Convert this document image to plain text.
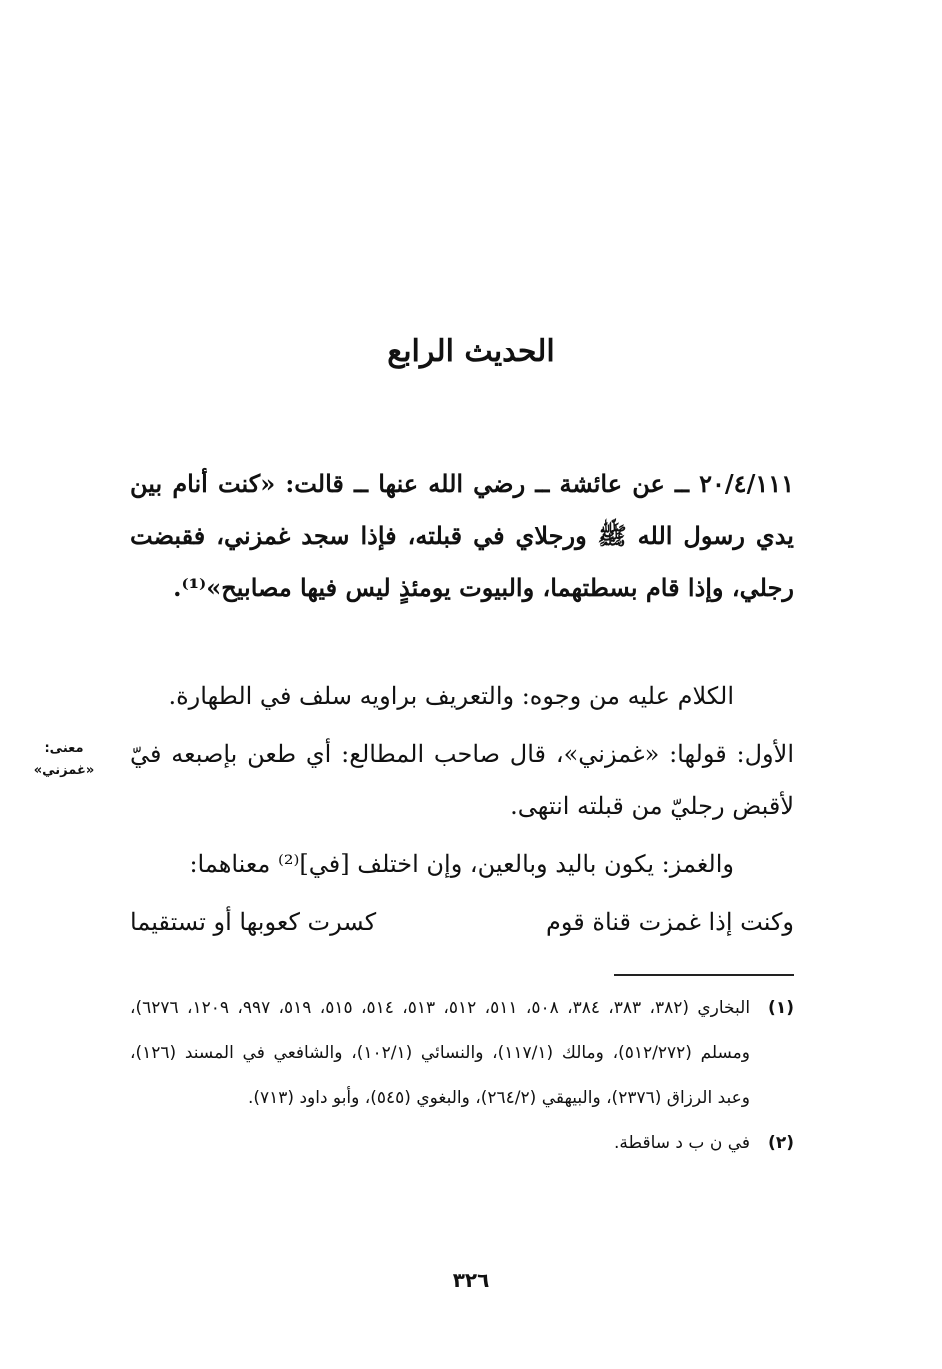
الحديث الرابع
٢٠/٤/١١١ ــ عن عائشة ــ رضي الله عنها ــ قالت: «كنت أنام بين يدي رسول الله ﷺ ورجلاي في قبلته، فإذا سجد غمزني، فقبضت رجلي، وإذا قام بسطتهما، والبيوت يومئذٍ ليس فيها مصابيح»⁽¹⁾.
الكلام عليه من وجوه: والتعريف براويه سلف في الطهارة.
الأول: قولها: «غمزني»، قال صاحب المطالع: أي طعن بإصبعه فيّ لأقبض رجليّ من قبلته انتهى.
معنى:
«غمزني»
والغمز: يكون باليد وبالعين، وإن اختلف [في]⁽²⁾ معناهما:
وكنت إذا غمزت قناة قوم
كسرت كعوبها أو تستقيما
(١)
البخاري (٣٨٢، ٣٨٣، ٣٨٤، ٥٠٨، ٥١١، ٥١٢، ٥١٣، ٥١٤، ٥١٥، ٥١٩، ٩٩٧، ١٢٠٩، ٦٢٧٦)، ومسلم (٥١٢/٢٧٢)، ومالك (١١٧/١)، والنسائي (١٠٢/١)، والشافعي في المسند (١٢٦)، وعبد الرزاق (٢٣٧٦)، والبيهقي (٢٦٤/٢)، والبغوي (٥٤٥)، وأبو داود (٧١٣).
(٢)
في ن ب د ساقطة.
٣٢٦
